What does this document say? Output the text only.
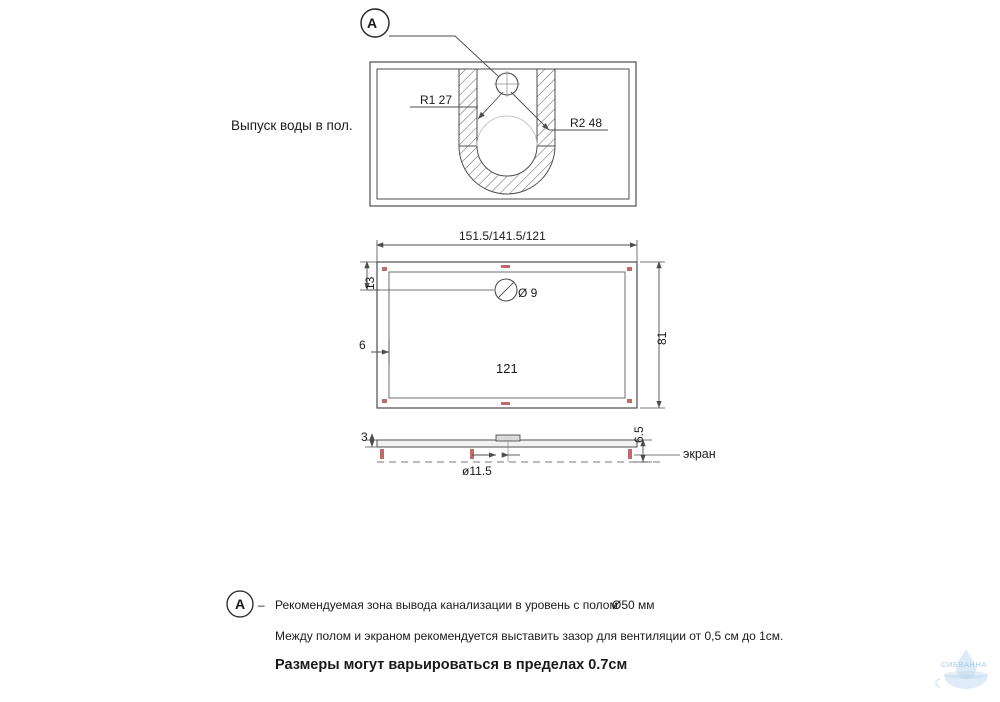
A
Выпуск воды в пол.
R1 27
R2 48
151.5/141.5/121
13
6	81
121
Ø 9
3	6.5
ø11.5
экран
A – Рекомендуемая зона вывода канализации в уровень с полом
Ø50 мм
Между полом и экраном рекомендуется выставить зазор для вентиляции от 0,5 см до 1см.
Размеры могут варьироваться в пределах 0.7см	СИБВАННА
